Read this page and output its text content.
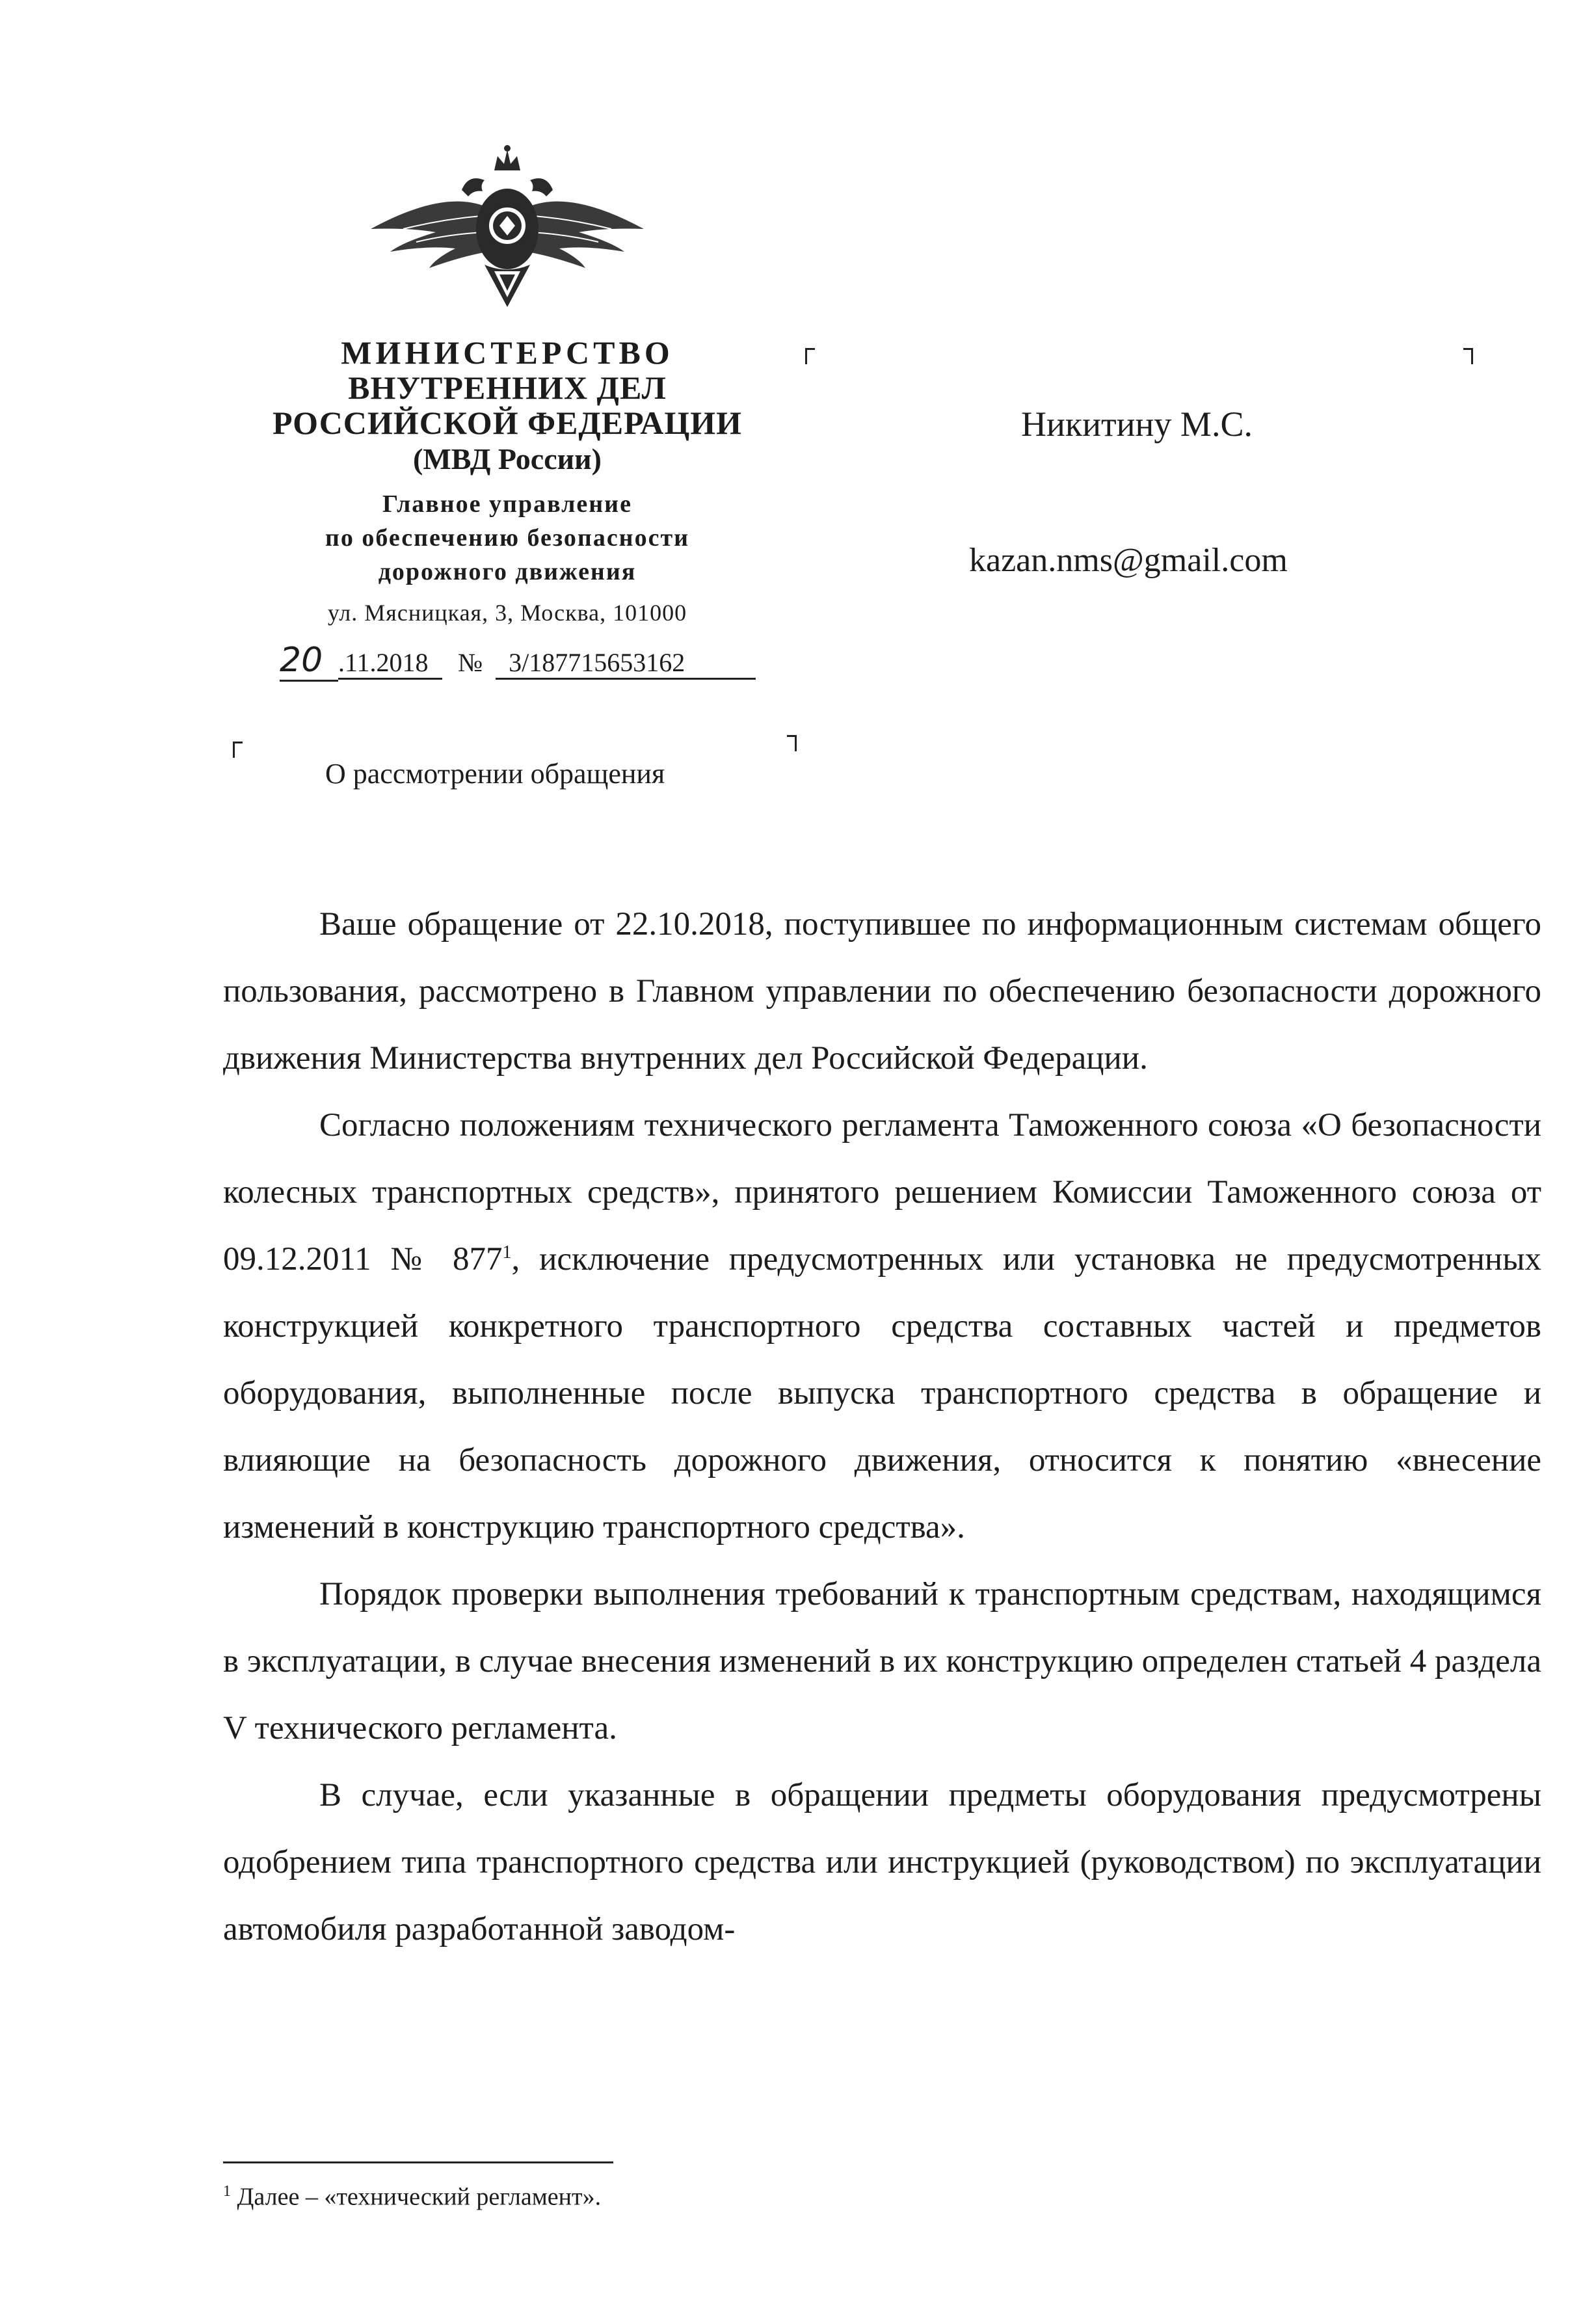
МИНИСТЕРСТВО
ВНУТРЕННИХ ДЕЛ
РОССИЙСКОЙ ФЕДЕРАЦИИ
(МВД России)
Главное управление
по обеспечению безопасности
дорожного движения
ул. Мясницкая, 3, Москва, 101000
20 .11.2018 № 3/187715653162
Никитину М.С.
kazan.nms@gmail.com
О рассмотрении обращения

Ваше обращение от 22.10.2018, поступившее по информационным системам общего пользования, рассмотрено в Главном управлении по обеспечению безопасности дорожного движения Министерства внутренних дел Российской Федерации.

Согласно положениям технического регламента Таможенного союза «О безопасности колесных транспортных средств», принятого решением Комиссии Таможенного союза от 09.12.2011 № $877^1$, исключение предусмотренных или установка не предусмотренных конструкцией конкретного транспортного средства составных частей и предметов оборудования, выполненные после выпуска транспортного средства в обращение и влияющие на безопасность дорожного движения, относится к понятию «внесение изменений в конструкцию транспортного средства».

Порядок проверки выполнения требований к транспортным средствам, находящимся в эксплуатации, в случае внесения изменений в их конструкцию определен статьей 4 раздела V технического регламента.

В случае, если указанные в обращении предметы оборудования предусмотрены одобрением типа транспортного средства или инструкцией (руководством) по эксплуатации автомобиля разработанной заводом-

$^1$ Далее – «технический регламент».
